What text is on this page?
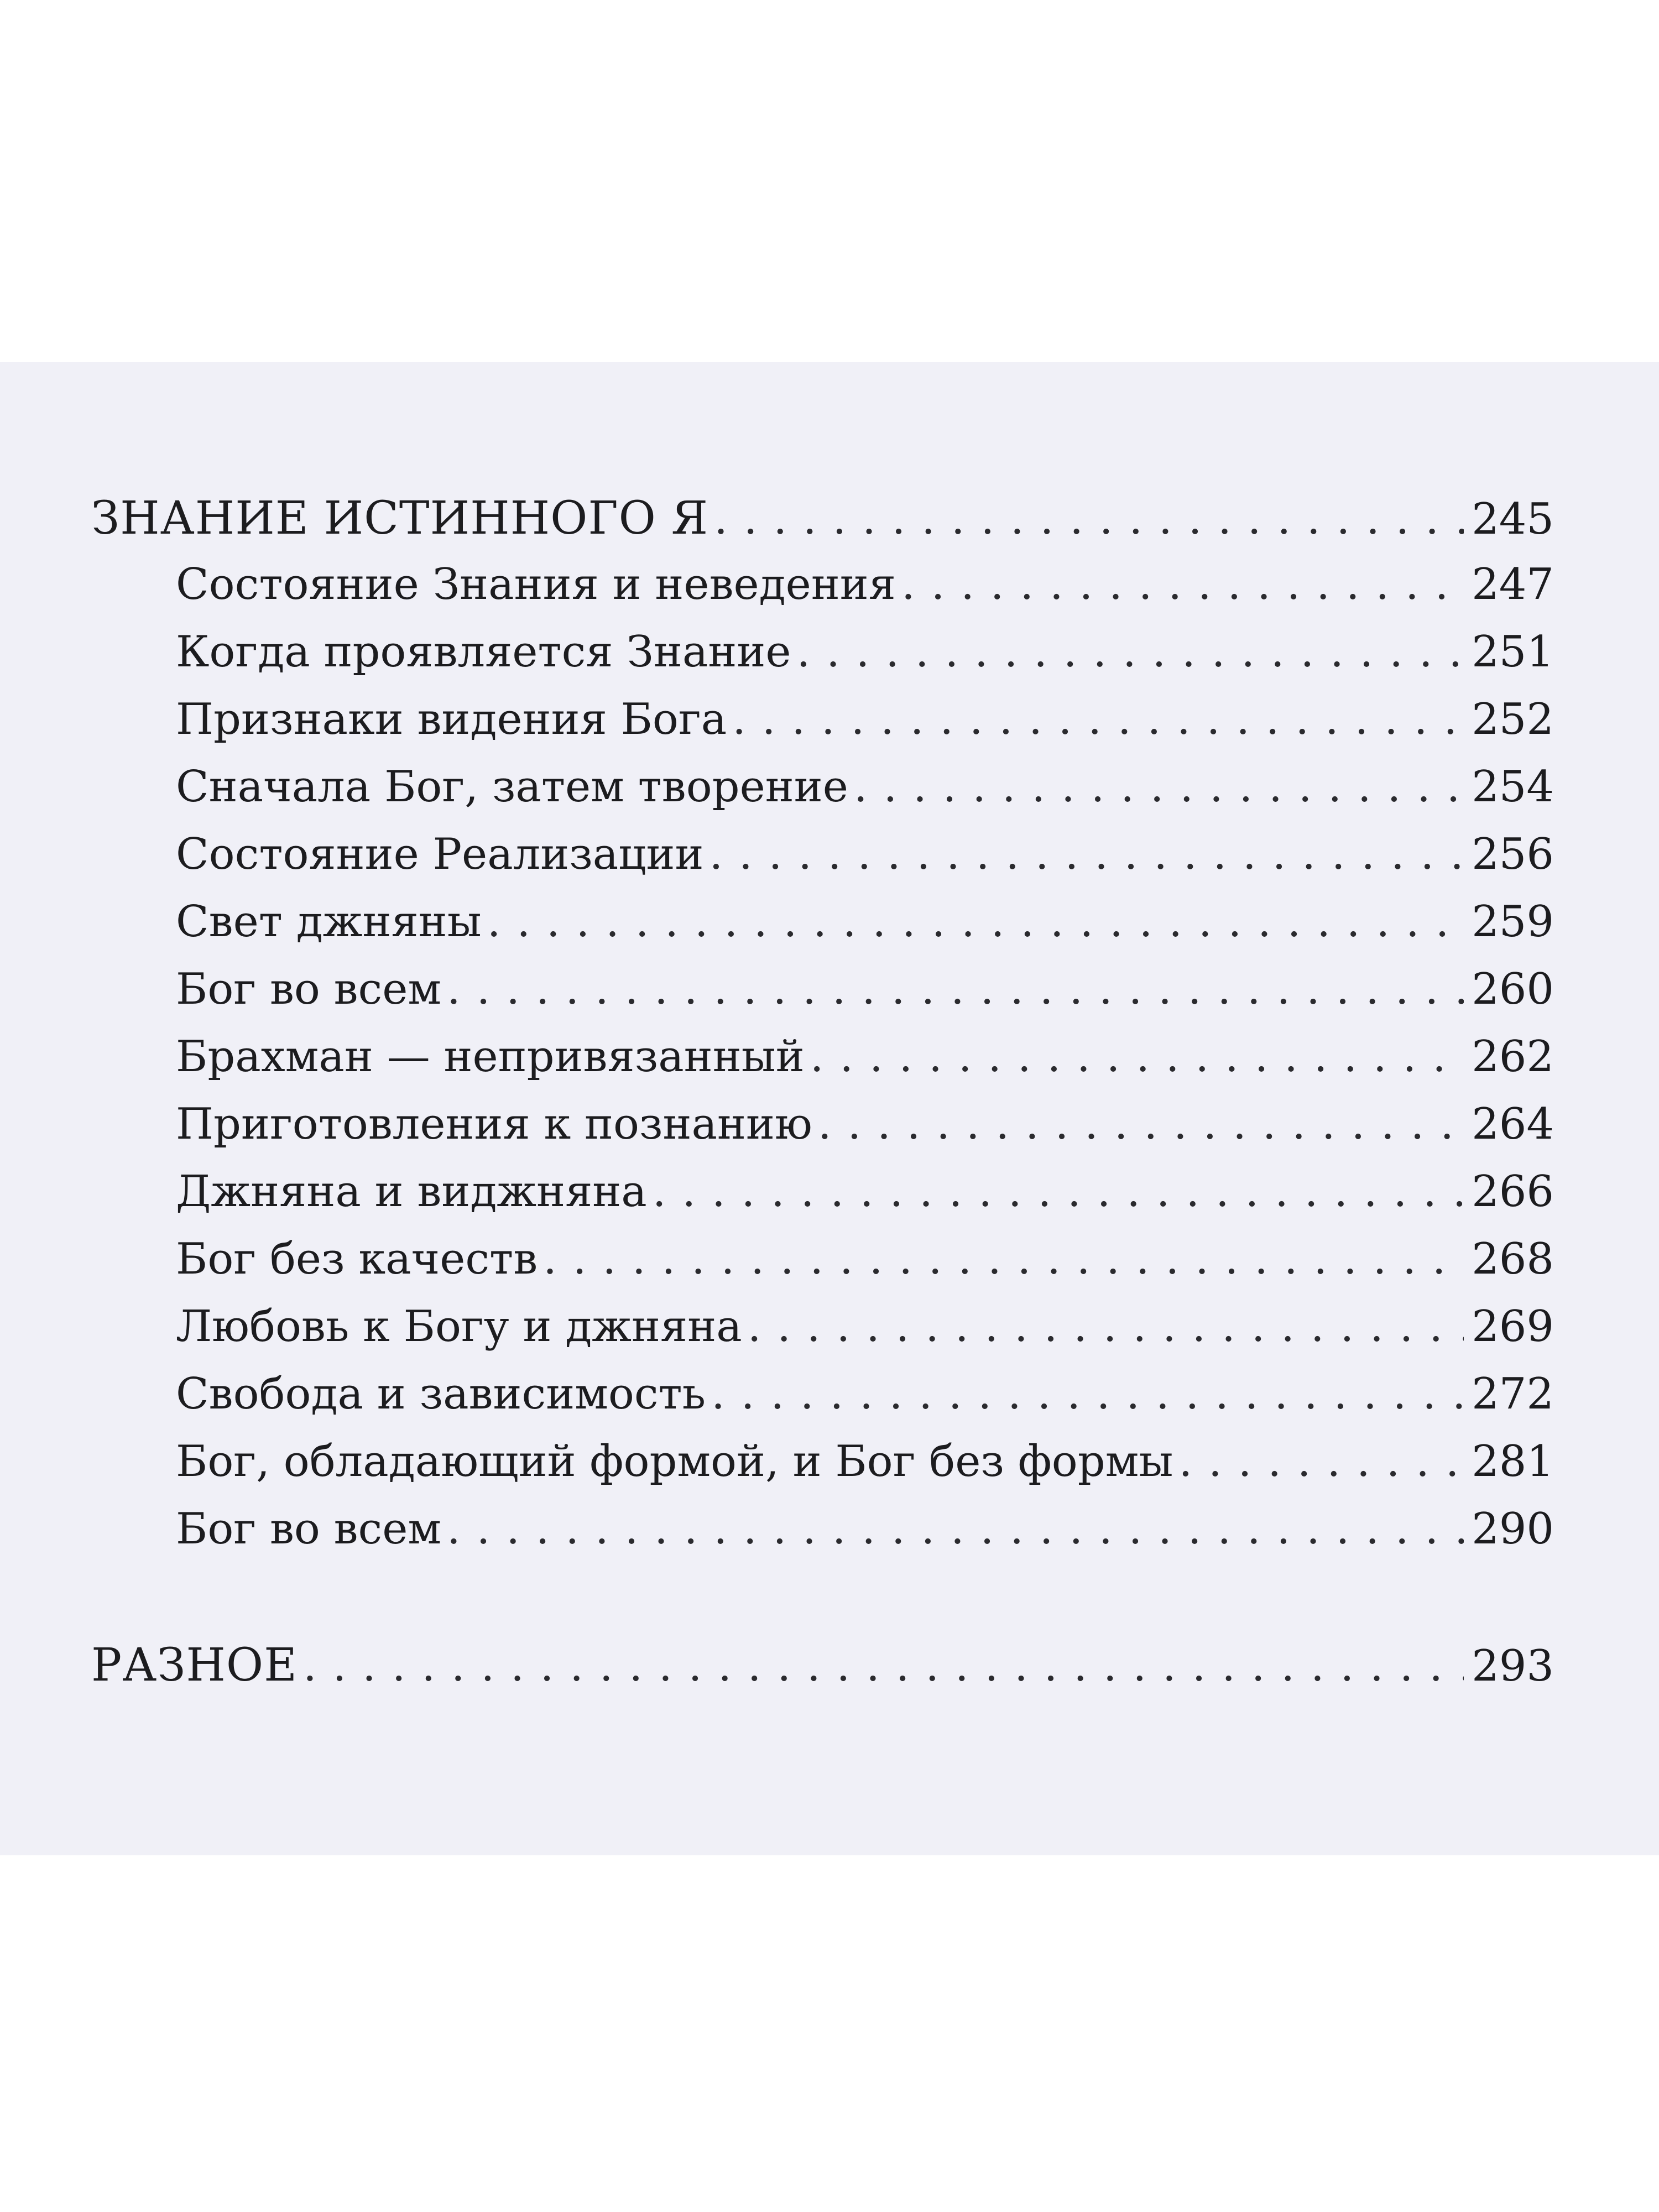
ЗНАНИЕ ИСТИННОГО Я . . .	245
Состояние Знания и неведения . . .	247
Когда проявляется Знание . . .	251
Признаки видения Бога . . .	252
Сначала Бог, затем творение . . .	254
Состояние Реализации . . .	256
Свет джняны . . .	259
Бог во всем . . .	260
Брахман — непривязанный . . .	262
Приготовления к познанию . . .	264
Джняна и виджняна . . .	266
Бог без качеств . . .	268
Любовь к Богу и джняна . . .	269
Свобода и зависимость . . .	272
Бог, обладающий формой, и Бог без формы . . .	281
Бог во всем . . .	290
РАЗНОЕ . . .	293
